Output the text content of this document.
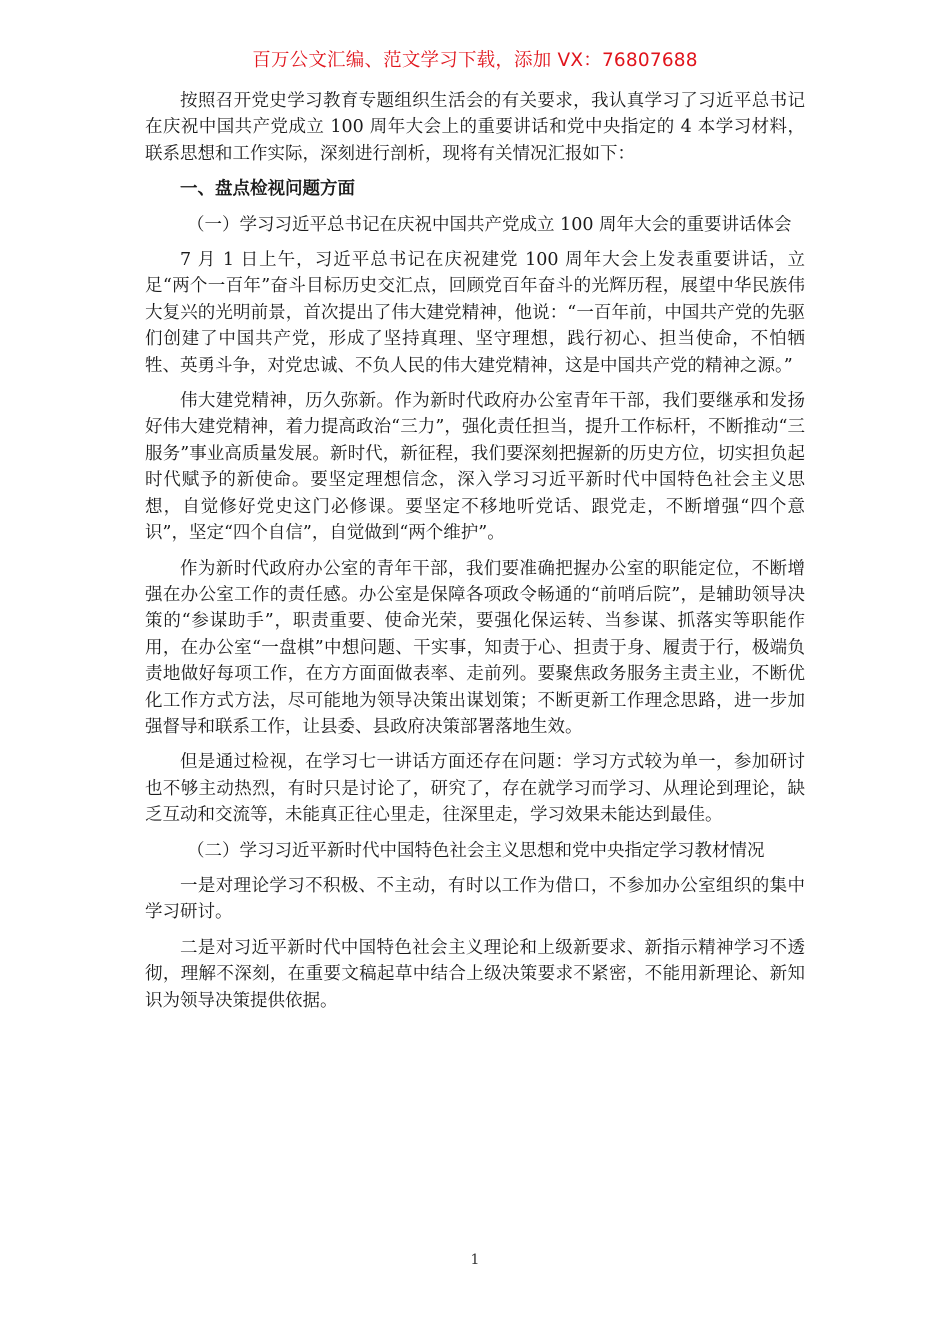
百万公文汇编、范文学习下载，添加 VX：76807688

按照召开党史学习教育专题组织生活会的有关要求，我认真学习了习近平总书记在庆祝中国共产党成立 100 周年大会上的重要讲话和党中央指定的 4 本学习材料，联系思想和工作实际，深刻进行剖析，现将有关情况汇报如下：

一、盘点检视问题方面

（一）学习习近平总书记在庆祝中国共产党成立 100 周年大会的重要讲话体会

7 月 1 日上午，习近平总书记在庆祝建党 100 周年大会上发表重要讲话，立足“两个一百年”奋斗目标历史交汇点，回顾党百年奋斗的光辉历程，展望中华民族伟大复兴的光明前景，首次提出了伟大建党精神，他说：“一百年前，中国共产党的先驱们创建了中国共产党，形成了坚持真理、坚守理想，践行初心、担当使命，不怕牺牲、英勇斗争，对党忠诚、不负人民的伟大建党精神，这是中国共产党的精神之源。”

伟大建党精神，历久弥新。作为新时代政府办公室青年干部，我们要继承和发扬好伟大建党精神，着力提高政治“三力”，强化责任担当，提升工作标杆，不断推动“三服务”事业高质量发展。新时代，新征程，我们要深刻把握新的历史方位，切实担负起时代赋予的新使命。要坚定理想信念，深入学习习近平新时代中国特色社会主义思想，自觉修好党史这门必修课。要坚定不移地听党话、跟党走，不断增强“四个意识”，坚定“四个自信”，自觉做到“两个维护”。

作为新时代政府办公室的青年干部，我们要准确把握办公室的职能定位，不断增强在办公室工作的责任感。办公室是保障各项政令畅通的“前哨后院”，是辅助领导决策的“参谋助手”，职责重要、使命光荣，要强化保运转、当参谋、抓落实等职能作用，在办公室“一盘棋”中想问题、干实事，知责于心、担责于身、履责于行，极端负责地做好每项工作，在方方面面做表率、走前列。要聚焦政务服务主责主业，不断优化工作方式方法，尽可能地为领导决策出谋划策；不断更新工作理念思路，进一步加强督导和联系工作，让县委、县政府决策部署落地生效。

但是通过检视，在学习七一讲话方面还存在问题：学习方式较为单一，参加研讨也不够主动热烈，有时只是讨论了，研究了，存在就学习而学习、从理论到理论，缺乏互动和交流等，未能真正往心里走，往深里走，学习效果未能达到最佳。

（二）学习习近平新时代中国特色社会主义思想和党中央指定学习教材情况

一是对理论学习不积极、不主动，有时以工作为借口，不参加办公室组织的集中学习研讨。

二是对习近平新时代中国特色社会主义理论和上级新要求、新指示精神学习不透彻，理解不深刻，在重要文稿起草中结合上级决策要求不紧密，不能用新理论、新知识为领导决策提供依据。

1
